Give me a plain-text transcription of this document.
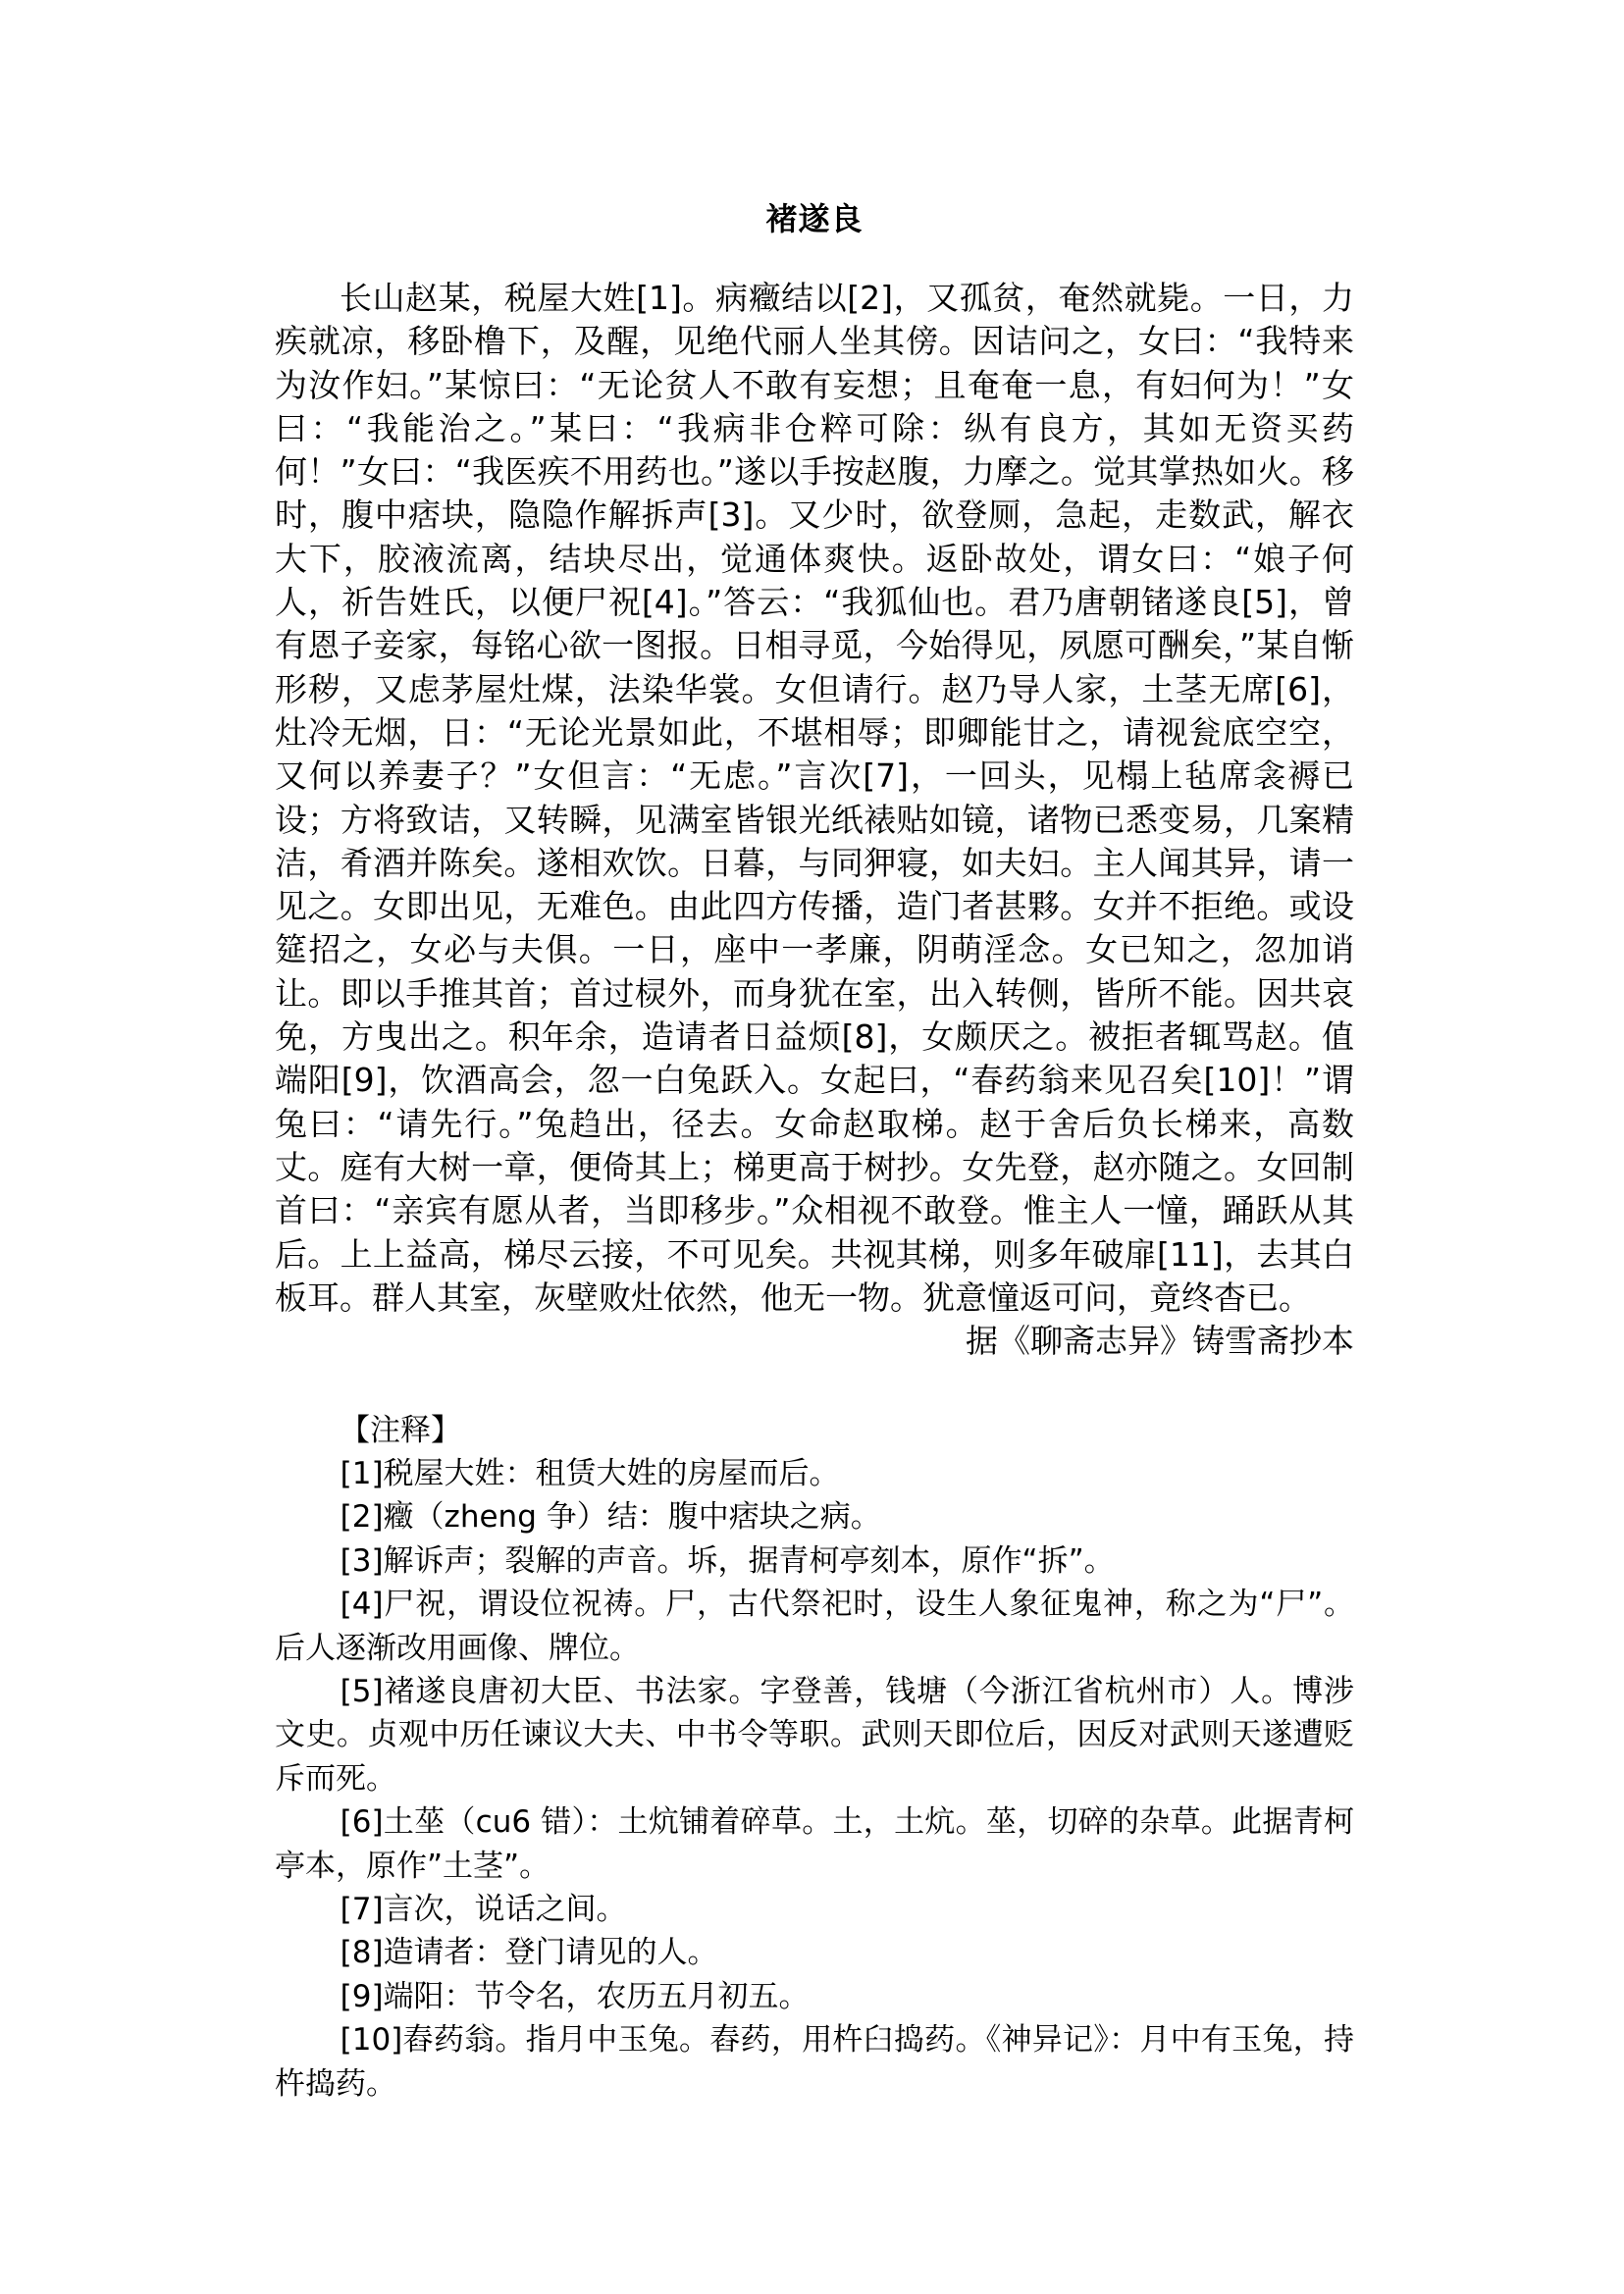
褚遂良

长山赵某，税屋大姓[1]。病癥结以[2]，又孤贫，奄然就毙。一日，力疾就凉，移卧橹下，及醒，见绝代丽人坐其傍。因诘问之，女曰：“我特来为汝作妇。”某惊曰：“无论贫人不敢有妄想；且奄奄一息，有妇何为！”女曰：“我能治之。”某曰：“我病非仓粹可除：纵有良方，其如无资买药何！”女曰：“我医疾不用药也。”遂以手按赵腹，力摩之。觉其掌热如火。移时，腹中痞块，隐隐作解拆声[3]。又少时，欲登厕，急起，走数武，解衣大下，胶液流离，结块尽出，觉通体爽快。返卧故处，谓女曰：“娘子何人，祈告姓氏，以便尸祝[4]。”答云：“我狐仙也。君乃唐朝锗遂良[5]，曾有恩子妾家，每铭心欲一图报。日相寻觅，今始得见，夙愿可酬矣，”某自惭形秽，又虑茅屋灶煤，法染华裳。女但请行。赵乃导人家，土茎无席[6]，灶冷无烟，日：“无论光景如此，不堪相辱；即卿能甘之，请视瓮底空空，又何以养妻子？”女但言：“无虑。”言次[7]，一回头，见榻上毡席衾褥已设；方将致诘，又转瞬，见满室皆银光纸裱贴如镜，诸物已悉变易，几案精洁，肴酒并陈矣。遂相欢饮。日暮，与同狎寝，如夫妇。主人闻其异，请一见之。女即出见，无难色。由此四方传播，造门者甚夥。女并不拒绝。或设筵招之，女必与夫俱。一日，座中一孝廉，阴萌淫念。女已知之，忽加诮让。即以手推其首；首过棂外，而身犹在室，出入转侧，皆所不能。因共哀免，方曳出之。积年余，造请者日益烦[8]，女颇厌之。被拒者辄骂赵。值端阳[9]，饮酒高会，忽一白兔跃入。女起曰，“春药翁来见召矣[10]！”谓兔曰：“请先行。”兔趋出，径去。女命赵取梯。赵于舍后负长梯来，高数丈。庭有大树一章，便倚其上；梯更高于树抄。女先登，赵亦随之。女回制首曰：“亲宾有愿从者，当即移步。”众相视不敢登。惟主人一憧，踊跃从其后。上上益高，梯尽云接，不可见矣。共视其梯，则多年破扉[11]，去其白板耳。群人其室，灰壁败灶依然，他无一物。犹意憧返可问，竟终杳已。

据《聊斋志异》铸雪斋抄本
【注释】

[1]税屋大姓：租赁大姓的房屋而后。

[2]癥（zheng 争）结：腹中痞块之病。

[3]解诉声；裂解的声音。坼，据青柯亭刻本，原作“拆”。

[4]尸祝，谓设位祝祷。尸，古代祭祀时，设生人象征鬼神，称之为“尸”。后人逐渐改用画像、牌位。

[5]褚遂良唐初大臣、书法家。字登善，钱塘（今浙江省杭州市）人。博涉文史。贞观中历任谏议大夫、中书令等职。武则天即位后，因反对武则天遂遭贬斥而死。

[6]土莝（cu6 错）：土炕铺着碎草。土，土炕。莝，切碎的杂草。此据青柯亭本，原作”土茎”。

[7]言次，说话之间。

[8]造请者：登门请见的人。

[9]端阳：节令名，农历五月初五。

[10]舂药翁。指月中玉兔。舂药，用杵臼捣药。《神异记》：月中有玉兔，持杵捣药。
